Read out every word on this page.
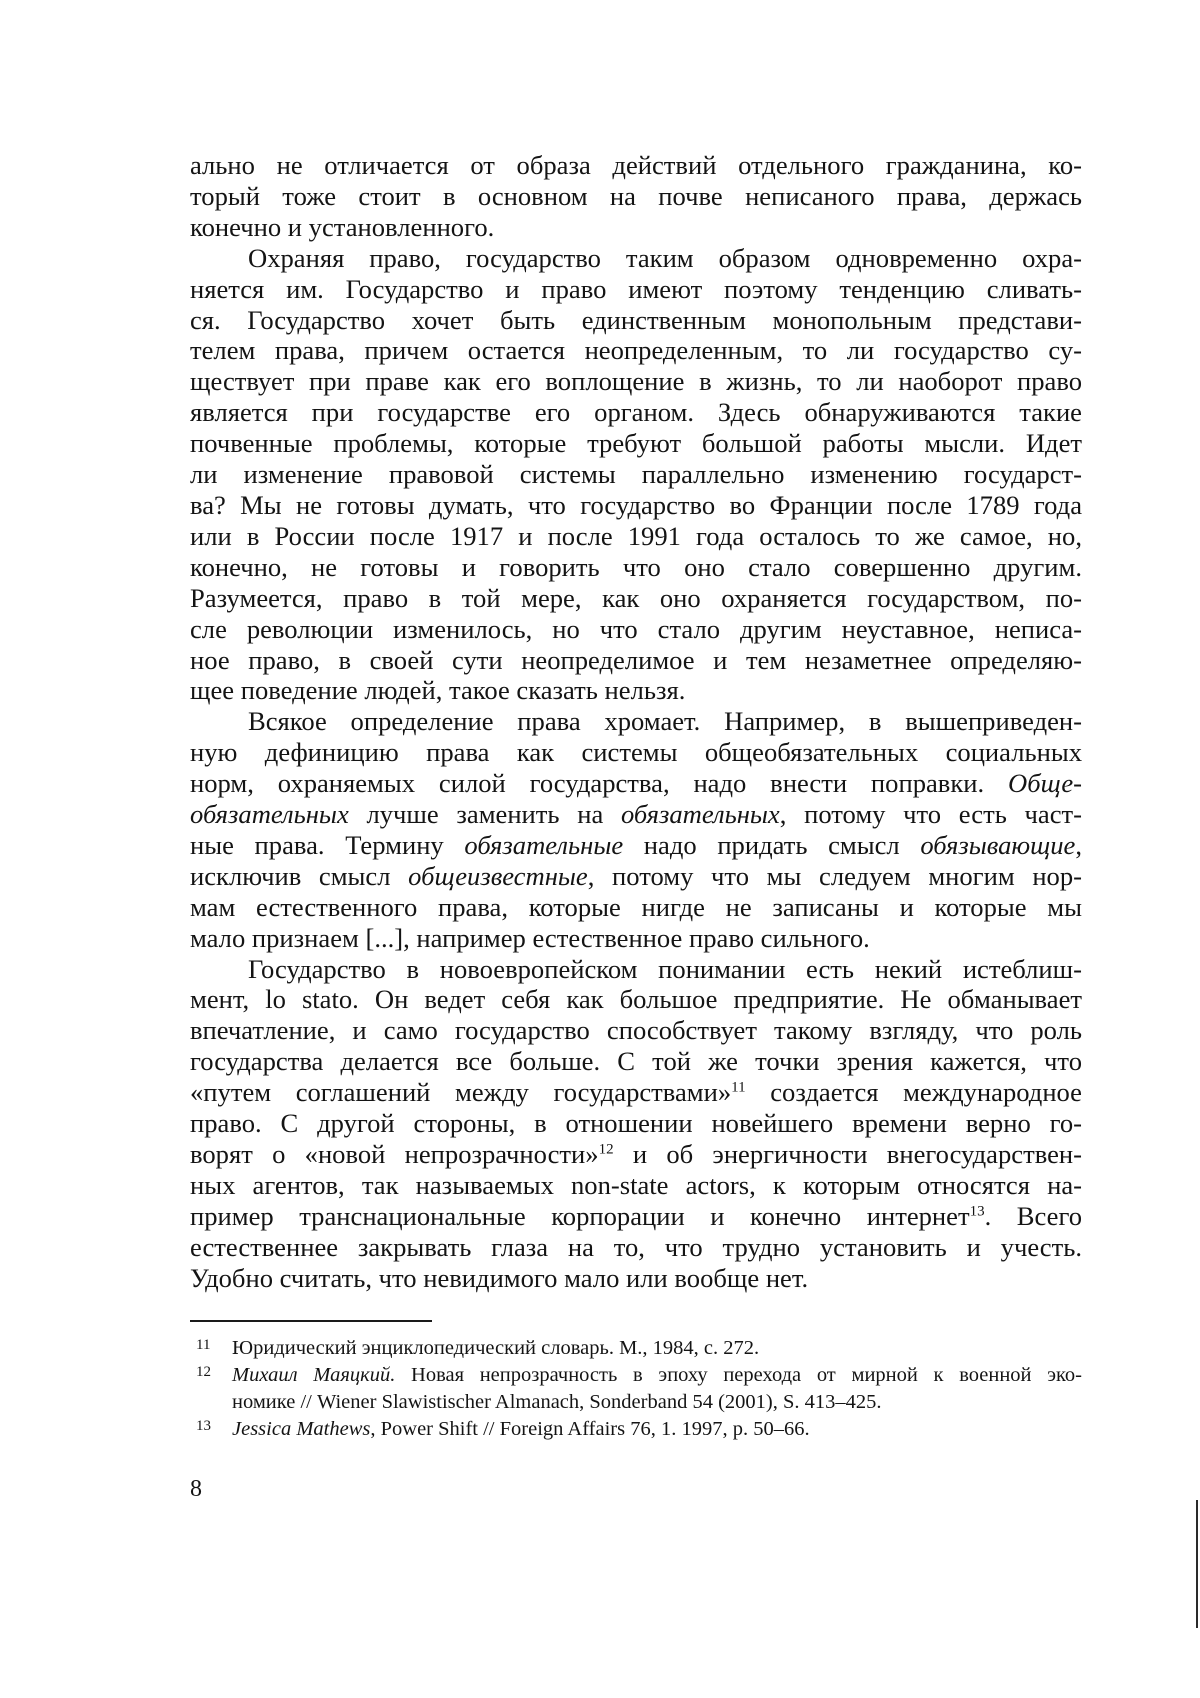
ально не отличается от образа действий отдельного гражданина, ко-
торый тоже стоит в основном на почве неписаного права, держась
конечно и установленного.

Охраняя право, государство таким образом одновременно охра-
няется им. Государство и право имеют поэтому тенденцию сливать-
ся. Государство хочет быть единственным монопольным представи-
телем права, причем остается неопределенным, то ли государство су-
ществует при праве как его воплощение в жизнь, то ли наоборот право
является при государстве его органом. Здесь обнаруживаются такие
почвенные проблемы, которые требуют большой работы мысли. Идет
ли изменение правовой системы параллельно изменению государст-
ва? Мы не готовы думать, что государство во Франции после 1789 года
или в России после 1917 и после 1991 года осталось то же самое, но,
конечно, не готовы и говорить что оно стало совершенно другим.
Разумеется, право в той мере, как оно охраняется государством, по-
сле революции изменилось, но что стало другим неуставное, неписа-
ное право, в своей сути неопределимое и тем незаметнее определяю-
щее поведение людей, такое сказать нельзя.

Всякое определение права хромает. Например, в вышеприведен-
ную дефиницию права как системы общеобязательных социальных
норм, охраняемых силой государства, надо внести поправки. Обще-
обязательных лучше заменить на обязательных, потому что есть част-
ные права. Термину обязательные надо придать смысл обязывающие,
исключив смысл общеизвестные, потому что мы следуем многим нор-
мам естественного права, которые нигде не записаны и которые мы
мало признаем [...], например естественное право сильного.

Государство в новоевропейском понимании есть некий истеблиш-
мент, lo stato. Он ведет себя как большое предприятие. Не обманывает
впечатление, и само государство способствует такому взгляду, что роль
государства делается все больше. С той же точки зрения кажется, что
«путем соглашений между государствами»$^{11}$ создается международное
право. С другой стороны, в отношении новейшего времени верно го-
ворят о «новой непрозрачности»$^{12}$ и об энергичности внегосударствен-
ных агентов, так называемых non-state actors, к которым относятся на-
пример транснациональные корпорации и конечно интернет$^{13}$. Всего
естественнее закрывать глаза на то, что трудно установить и учесть.
Удобно считать, что невидимого мало или вообще нет.

11 Юридический энциклопедический словарь. М., 1984, с. 272.
12 Михаил Маяцкий. Новая непрозрачность в эпоху перехода от мирной к военной эко-
номике // Wiener Slawistischer Almanach, Sonderband 54 (2001), S. 413–425.
13 Jessica Mathews, Power Shift // Foreign Affairs 76, 1. 1997, p. 50–66.
8
